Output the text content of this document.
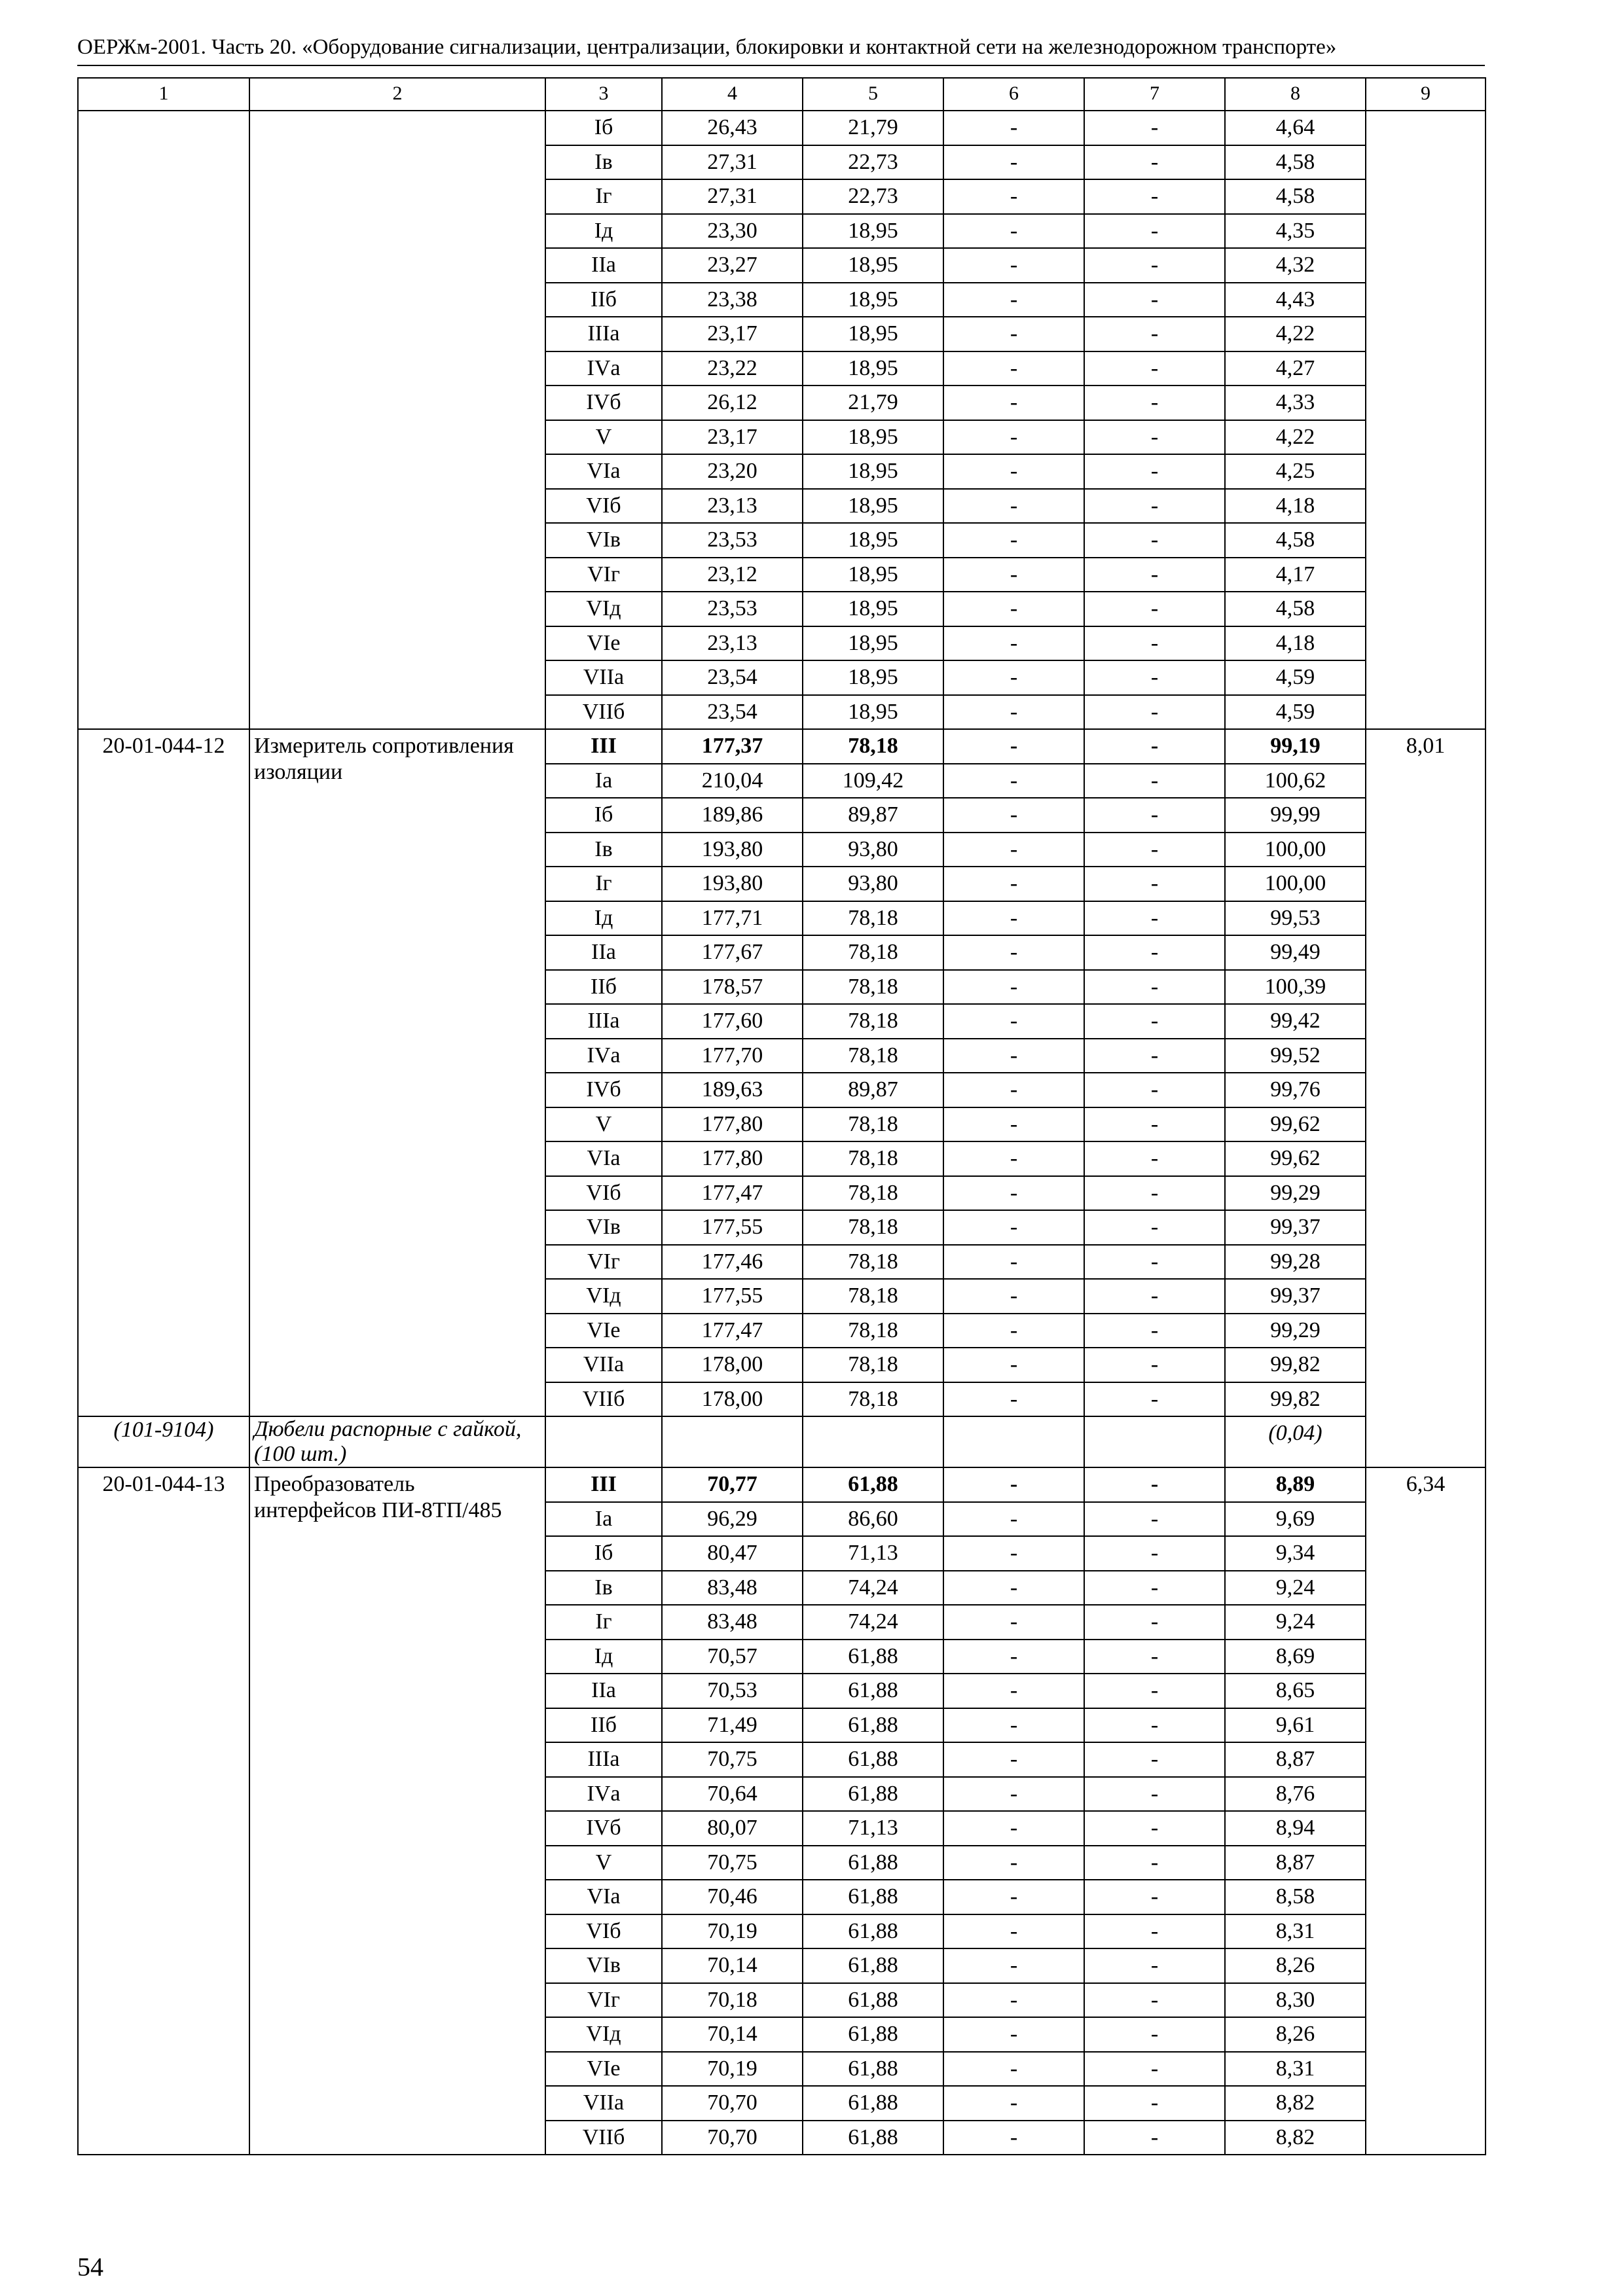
ОЕРЖм-2001. Часть 20. «Оборудование сигнализации, централизации, блокировки и контактной сети на железнодорожном транспорте»
1	2	3	4	5	6	7	8	9
		Iб	26,43	21,79	-	-	4,64	
		Iв	27,31	22,73	-	-	4,58	
		Iг	27,31	22,73	-	-	4,58	
		Iд	23,30	18,95	-	-	4,35	
		IIа	23,27	18,95	-	-	4,32	
		IIб	23,38	18,95	-	-	4,43	
		IIIа	23,17	18,95	-	-	4,22	
		IVа	23,22	18,95	-	-	4,27	
		IVб	26,12	21,79	-	-	4,33	
		V	23,17	18,95	-	-	4,22	
		VIа	23,20	18,95	-	-	4,25	
		VIб	23,13	18,95	-	-	4,18	
		VIв	23,53	18,95	-	-	4,58	
		VIг	23,12	18,95	-	-	4,17	
		VIд	23,53	18,95	-	-	4,58	
		VIе	23,13	18,95	-	-	4,18	
		VIIа	23,54	18,95	-	-	4,59	
		VIIб	23,54	18,95	-	-	4,59	
20-01-044-12	Измеритель сопротивления изоляции	III	177,37	78,18	-	-	99,19	8,01
		Iа	210,04	109,42	-	-	100,62	
		Iб	189,86	89,87	-	-	99,99	
		Iв	193,80	93,80	-	-	100,00	
		Iг	193,80	93,80	-	-	100,00	
		Iд	177,71	78,18	-	-	99,53	
		IIа	177,67	78,18	-	-	99,49	
		IIб	178,57	78,18	-	-	100,39	
		IIIа	177,60	78,18	-	-	99,42	
		IVа	177,70	78,18	-	-	99,52	
		IVб	189,63	89,87	-	-	99,76	
		V	177,80	78,18	-	-	99,62	
		VIа	177,80	78,18	-	-	99,62	
		VIб	177,47	78,18	-	-	99,29	
		VIв	177,55	78,18	-	-	99,37	
		VIг	177,46	78,18	-	-	99,28	
		VIд	177,55	78,18	-	-	99,37	
		VIе	177,47	78,18	-	-	99,29	
		VIIа	178,00	78,18	-	-	99,82	
		VIIб	178,00	78,18	-	-	99,82	
(101-9104)	Дюбели распорные с гайкой, (100 шт.)						(0,04)	
20-01-044-13	Преобразователь интерфейсов ПИ-8ТП/485	III	70,77	61,88	-	-	8,89	6,34
		Iа	96,29	86,60	-	-	9,69	
		Iб	80,47	71,13	-	-	9,34	
		Iв	83,48	74,24	-	-	9,24	
		Iг	83,48	74,24	-	-	9,24	
		Iд	70,57	61,88	-	-	8,69	
		IIа	70,53	61,88	-	-	8,65	
		IIб	71,49	61,88	-	-	9,61	
		IIIа	70,75	61,88	-	-	8,87	
		IVа	70,64	61,88	-	-	8,76	
		IVб	80,07	71,13	-	-	8,94	
		V	70,75	61,88	-	-	8,87	
		VIа	70,46	61,88	-	-	8,58	
		VIб	70,19	61,88	-	-	8,31	
		VIв	70,14	61,88	-	-	8,26	
		VIг	70,18	61,88	-	-	8,30	
		VIд	70,14	61,88	-	-	8,26	
		VIе	70,19	61,88	-	-	8,31	
		VIIа	70,70	61,88	-	-	8,82	
		VIIб	70,70	61,88	-	-	8,82	
54
